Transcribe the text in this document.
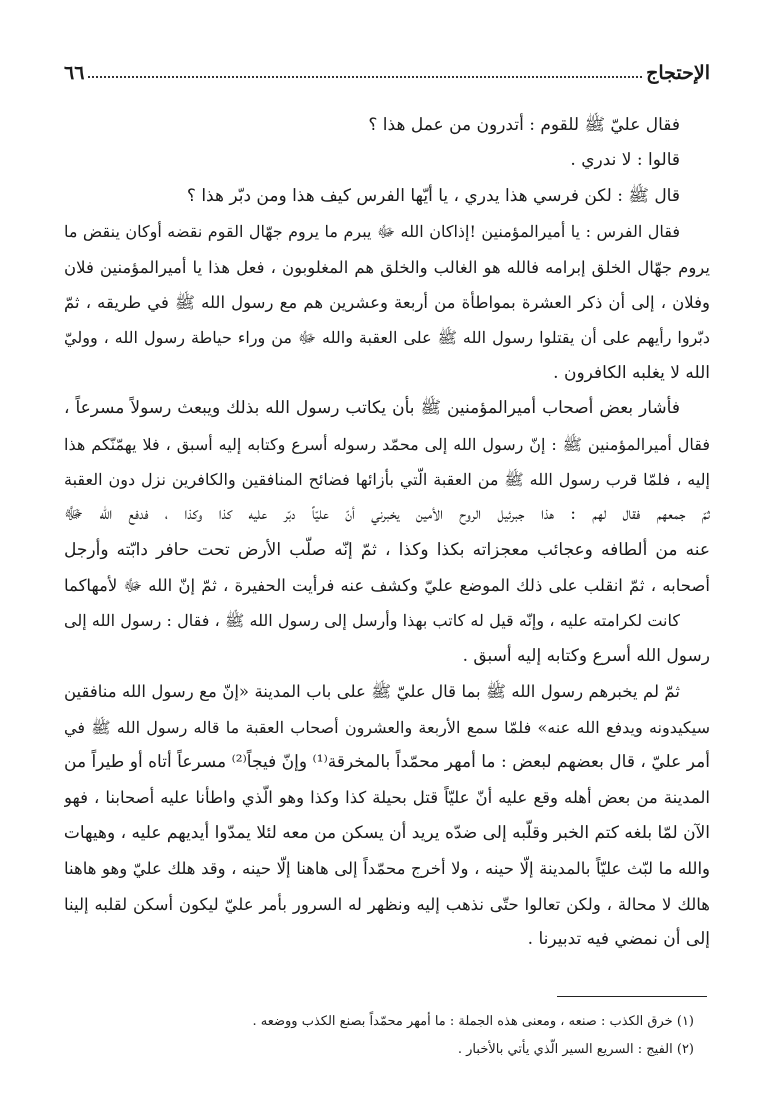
الإحتجاج
٦٦
فقال عليّ ﷺ للقوم : أتدرون من عمل هذا ؟
قالوا : لا ندري .
قال ﷺ : لكن فرسي هذا يدري ، يا أيّها الفرس كيف هذا ومن دبّر هذا ؟
فقال الفرس : يا أميرالمؤمنين !إذاكان الله ﷻ يبرم ما يروم جهّال القوم نقضه أوكان ينقض ما
يروم جهّال الخلق إبرامه فالله هو الغالب والخلق هم المغلوبون ، فعل هذا يا أميرالمؤمنين فلان
وفلان ، إلى أن ذكر العشرة بمواطأة من أربعة وعشرين هم مع رسول الله ﷺ في طريقه ، ثمّ
دبّروا رأيهم على أن يقتلوا رسول الله ﷺ على العقبة والله ﷻ من وراء حياطة رسول الله ، ووليّ
الله لا يغلبه الكافرون .
فأشار بعض أصحاب أميرالمؤمنين ﷺ بأن يكاتب رسول الله بذلك ويبعث رسولاً مسرعاً ،
فقال أميرالمؤمنين ﷺ : إنّ رسول الله إلى محمّد رسوله أسرع وكتابه إليه أسبق ، فلا يهمّنّكم هذا
إليه ، فلمّا قرب رسول الله ﷺ من العقبة الّتي بأزائها فضائح المنافقين والكافرين نزل دون العقبة
ثمّ جمعهم فقال لهم : هذا جبرئيل الروح الأمين يخبرني أنّ عليّاً دبّر عليه كذا وكذا ، فدفع الله ﷻ
عنه من ألطافه وعجائب معجزاته بكذا وكذا ، ثمّ إنّه صلّب الأرض تحت حافر دابّته وأرجل
أصحابه ، ثمّ انقلب على ذلك الموضع عليّ وكشف عنه فرأيت الحفيرة ، ثمّ إنّ الله ﷻ لأمهاكما
كانت لكرامته عليه ، وإنّه قيل له كاتب بهذا وأرسل إلى رسول الله ﷺ ، فقال : رسول الله إلى
رسول الله أسرع وكتابه إليه أسبق .
ثمّ لم يخبرهم رسول الله ﷺ بما قال عليّ ﷺ على باب المدينة «إنّ مع رسول الله منافقين
سيكيدونه ويدفع الله عنه» فلمّا سمع الأربعة والعشرون أصحاب العقبة ما قاله رسول الله ﷺ في
أمر عليّ ، قال بعضهم لبعض : ما أمهر محمّداً بالمخرقة⁽¹⁾ وإنّ فيجاً⁽²⁾ مسرعاً أتاه أو طيراً من
المدينة من بعض أهله وقع عليه أنّ عليّاً قتل بحيلة كذا وكذا وهو الّذي واطأنا عليه أصحابنا ، فهو
الآن لمّا بلغه كتم الخبر وقلّبه إلى ضدّه يريد أن يسكن من معه لئلا يمدّوا أيديهم عليه ، وهيهات
والله ما لبّث عليّاً بالمدينة إلّا حينه ، ولا أخرج محمّداً إلى هاهنا إلّا حينه ، وقد هلك عليّ وهو هاهنا
هالك لا محالة ، ولكن تعالوا حتّى نذهب إليه ونظهر له السرور بأمر عليّ ليكون أسكن لقلبه إلينا
إلى أن نمضي فيه تدبيرنا .
(١) خرق الكذب : صنعه ، ومعنى هذه الجملة : ما أمهر محمّداً بصنع الكذب ووضعه .
(٢) الفيج : السريع السير الّذي يأتي بالأخبار .
